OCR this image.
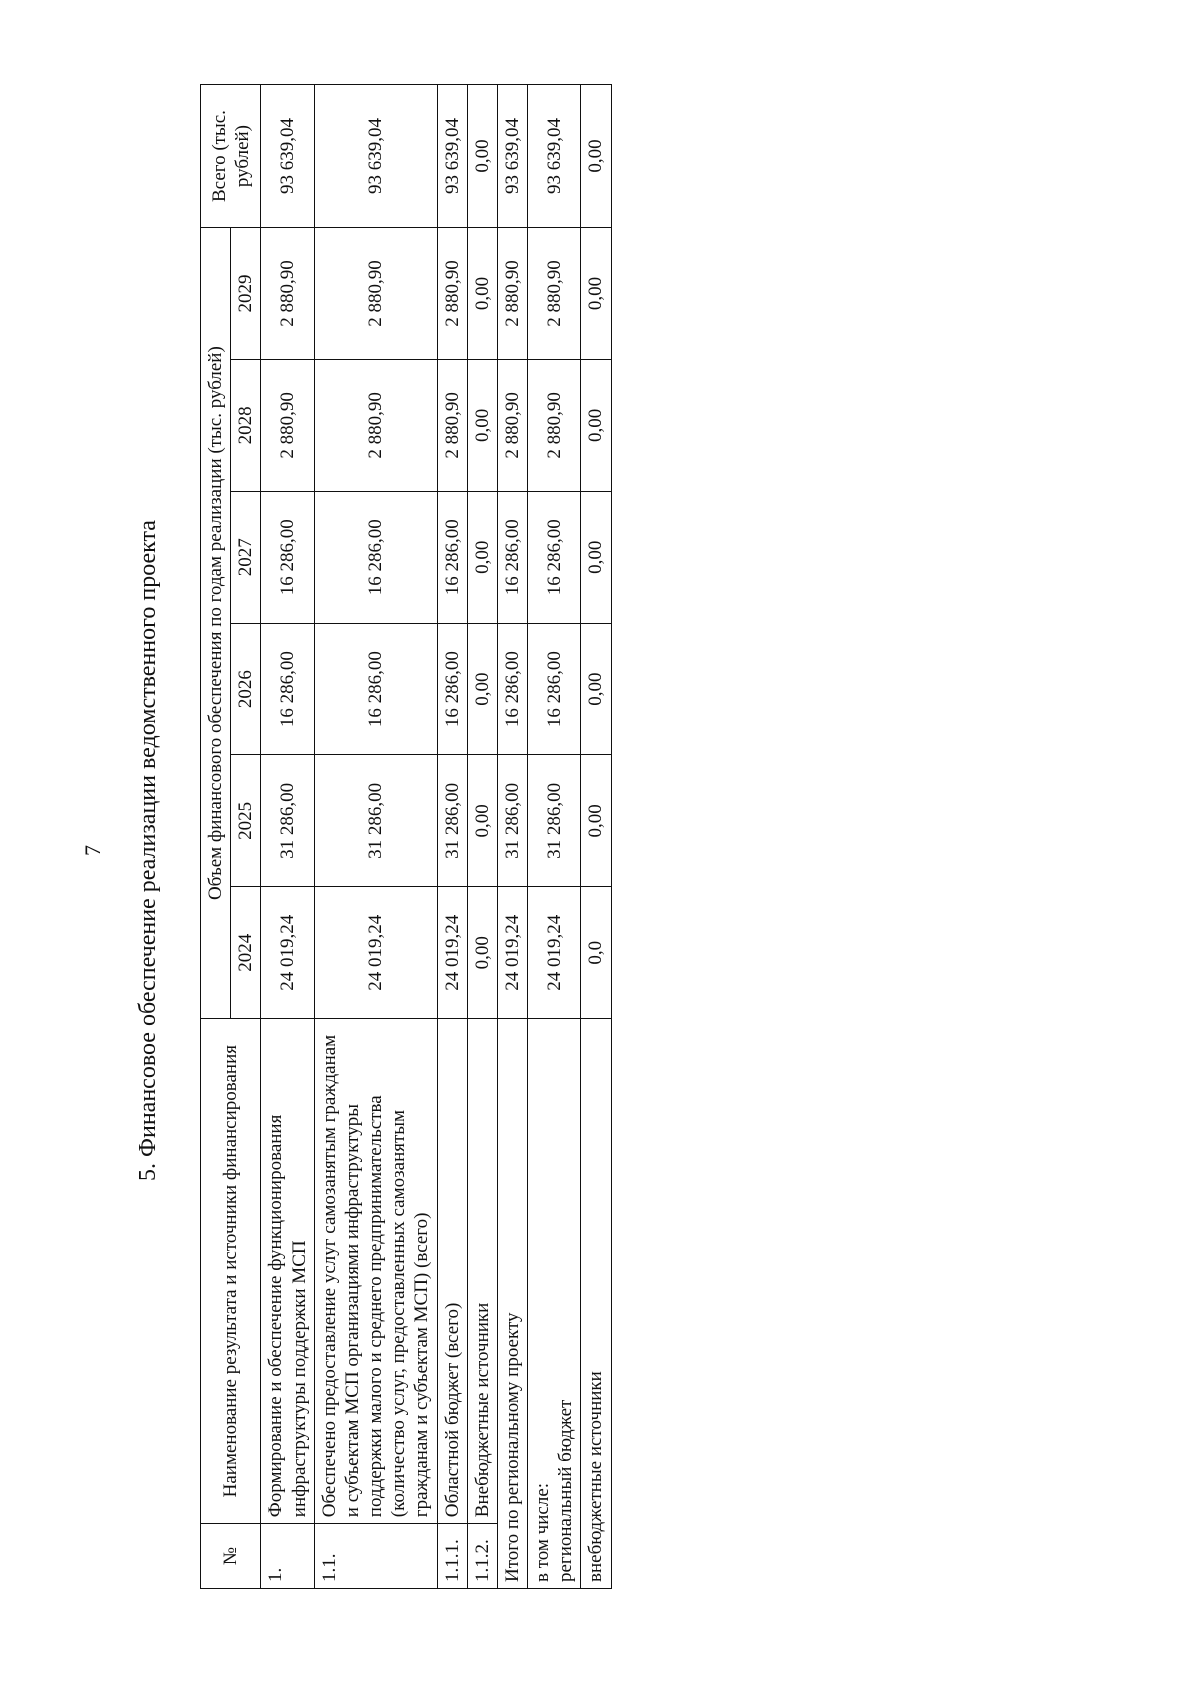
7 5. Финансовое обеспечение реализации ведомственного проекта
№	Наименование результата и источники финансирования	Объем финансового обеспечения по годам реализации (тыс. рублей)						Всего (тыс. рублей)
		2024	2025	2026	2027	2028	2029	
1.	Формирование и обеспечение функционирования инфраструктуры поддержки МСП	24 019,24	31 286,00	16 286,00	16 286,00	2 880,90	2 880,90	93 639,04
1.1.	Обеспечено предоставление услуг самозанятым гражданам и субъектам МСП организациями инфраструктуры поддержки малого и среднего предпринимательства (количество услуг, предоставленных самозанятым гражданам и субъектам МСП) (всего)	24 019,24	31 286,00	16 286,00	16 286,00	2 880,90	2 880,90	93 639,04
1.1.1.	Областной бюджет (всего)	24 019,24	31 286,00	16 286,00	16 286,00	2 880,90	2 880,90	93 639,04
1.1.2.	Внебюджетные источники	0,00	0,00	0,00	0,00	0,00	0,00	0,00
Итого по региональному проекту		24 019,24	31 286,00	16 286,00	16 286,00	2 880,90	2 880,90	93 639,04

в том числе: региональный бюджет		24 019,24	31 286,00	16 286,00	16 286,00	2 880,90	2 880,90	93 639,04
внебюджетные источники		0,0	0,00	0,00	0,00	0,00	0,00	0,00
